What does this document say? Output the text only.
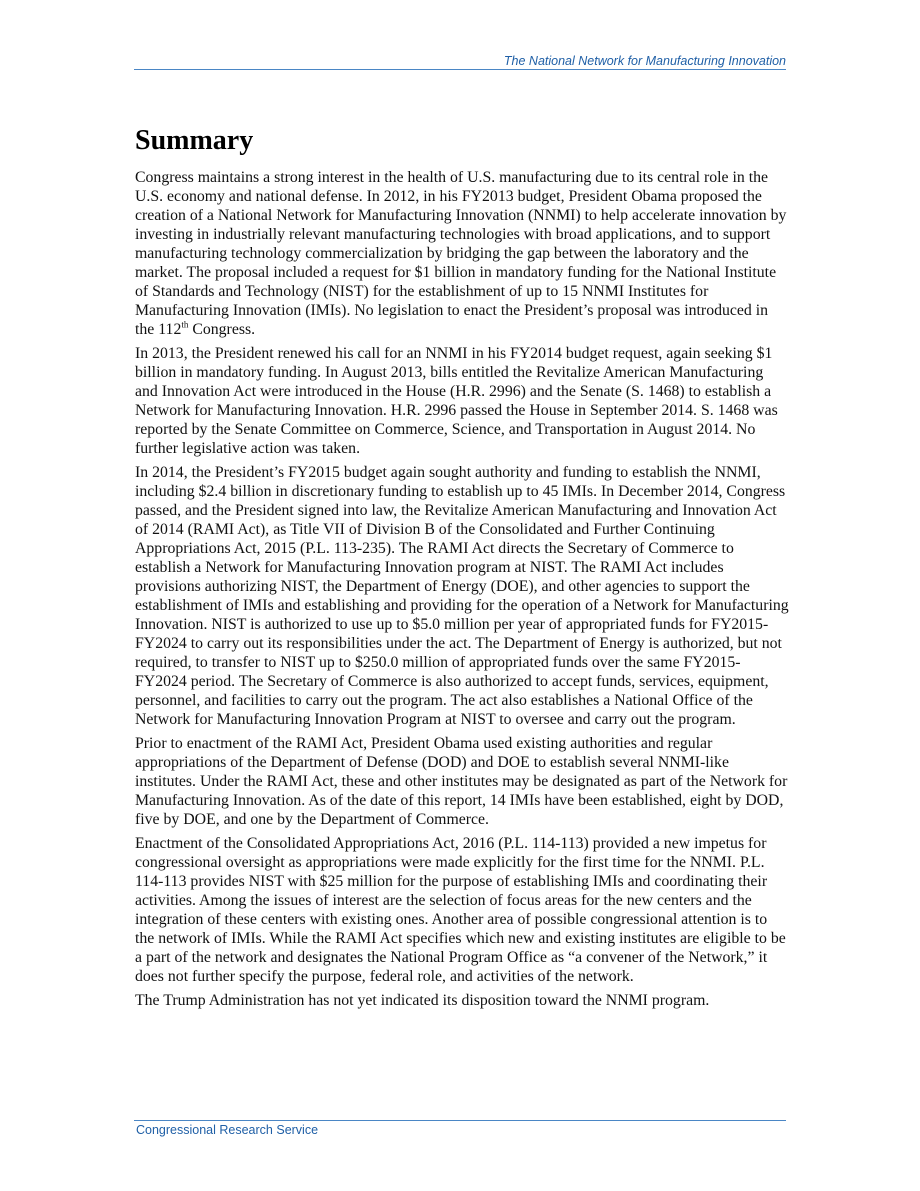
The National Network for Manufacturing Innovation
Summary

Congress maintains a strong interest in the health of U.S. manufacturing due to its central role in the U.S. economy and national defense. In 2012, in his FY2013 budget, President Obama proposed the creation of a National Network for Manufacturing Innovation (NNMI) to help accelerate innovation by investing in industrially relevant manufacturing technologies with broad applications, and to support manufacturing technology commercialization by bridging the gap between the laboratory and the market. The proposal included a request for $1 billion in mandatory funding for the National Institute of Standards and Technology (NIST) for the establishment of up to 15 NNMI Institutes for Manufacturing Innovation (IMIs). No legislation to enact the President’s proposal was introduced in the 112th Congress.

In 2013, the President renewed his call for an NNMI in his FY2014 budget request, again seeking $1 billion in mandatory funding. In August 2013, bills entitled the Revitalize American Manufacturing and Innovation Act were introduced in the House (H.R. 2996) and the Senate (S. 1468) to establish a Network for Manufacturing Innovation. H.R. 2996 passed the House in September 2014. S. 1468 was reported by the Senate Committee on Commerce, Science, and Transportation in August 2014. No further legislative action was taken.

In 2014, the President’s FY2015 budget again sought authority and funding to establish the NNMI, including $2.4 billion in discretionary funding to establish up to 45 IMIs. In December 2014, Congress passed, and the President signed into law, the Revitalize American Manufacturing and Innovation Act of 2014 (RAMI Act), as Title VII of Division B of the Consolidated and Further Continuing Appropriations Act, 2015 (P.L. 113-235). The RAMI Act directs the Secretary of Commerce to establish a Network for Manufacturing Innovation program at NIST. The RAMI Act includes provisions authorizing NIST, the Department of Energy (DOE), and other agencies to support the establishment of IMIs and establishing and providing for the operation of a Network for Manufacturing Innovation. NIST is authorized to use up to $5.0 million per year of appropriated funds for FY2015-FY2024 to carry out its responsibilities under the act. The Department of Energy is authorized, but not required, to transfer to NIST up to $250.0 million of appropriated funds over the same FY2015-FY2024 period. The Secretary of Commerce is also authorized to accept funds, services, equipment, personnel, and facilities to carry out the program. The act also establishes a National Office of the Network for Manufacturing Innovation Program at NIST to oversee and carry out the program.

Prior to enactment of the RAMI Act, President Obama used existing authorities and regular appropriations of the Department of Defense (DOD) and DOE to establish several NNMI-like institutes. Under the RAMI Act, these and other institutes may be designated as part of the Network for Manufacturing Innovation. As of the date of this report, 14 IMIs have been established, eight by DOD, five by DOE, and one by the Department of Commerce.

Enactment of the Consolidated Appropriations Act, 2016 (P.L. 114-113) provided a new impetus for congressional oversight as appropriations were made explicitly for the first time for the NNMI. P.L. 114-113 provides NIST with $25 million for the purpose of establishing IMIs and coordinating their activities. Among the issues of interest are the selection of focus areas for the new centers and the integration of these centers with existing ones. Another area of possible congressional attention is to the network of IMIs. While the RAMI Act specifies which new and existing institutes are eligible to be a part of the network and designates the National Program Office as “a convener of the Network,” it does not further specify the purpose, federal role, and activities of the network.

The Trump Administration has not yet indicated its disposition toward the NNMI program.

Congressional Research Service
